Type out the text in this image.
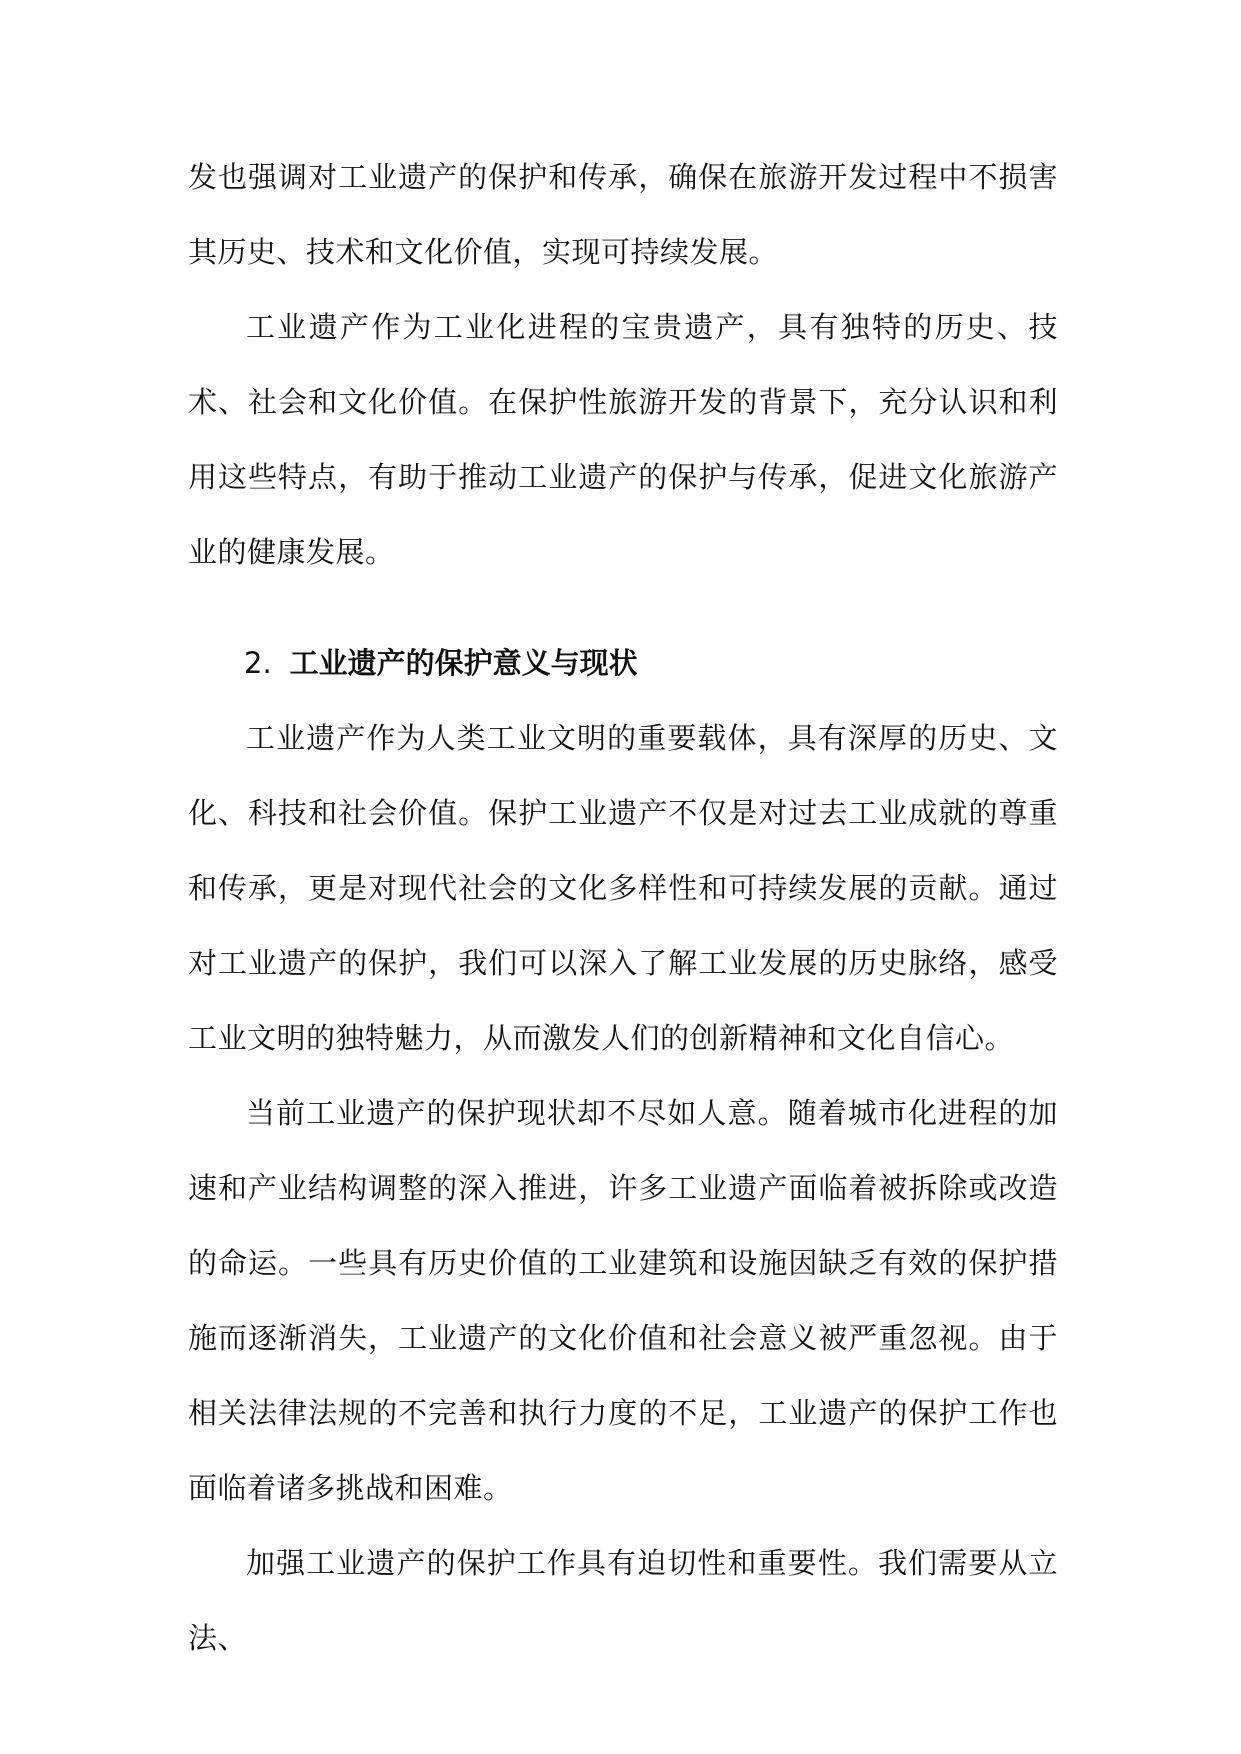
发也强调对工业遗产的保护和传承，确保在旅游开发过程中不损害其历史、技术和文化价值，实现可持续发展。

工业遗产作为工业化进程的宝贵遗产，具有独特的历史、技术、社会和文化价值。在保护性旅游开发的背景下，充分认识和利用这些特点，有助于推动工业遗产的保护与传承，促进文化旅游产业的健康发展。

2. 工业遗产的保护意义与现状

工业遗产作为人类工业文明的重要载体，具有深厚的历史、文化、科技和社会价值。保护工业遗产不仅是对过去工业成就的尊重和传承，更是对现代社会的文化多样性和可持续发展的贡献。通过对工业遗产的保护，我们可以深入了解工业发展的历史脉络，感受工业文明的独特魅力，从而激发人们的创新精神和文化自信心。

当前工业遗产的保护现状却不尽如人意。随着城市化进程的加速和产业结构调整的深入推进，许多工业遗产面临着被拆除或改造的命运。一些具有历史价值的工业建筑和设施因缺乏有效的保护措施而逐渐消失，工业遗产的文化价值和社会意义被严重忽视。由于相关法律法规的不完善和执行力度的不足，工业遗产的保护工作也面临着诸多挑战和困难。

加强工业遗产的保护工作具有迫切性和重要性。我们需要从立法、
